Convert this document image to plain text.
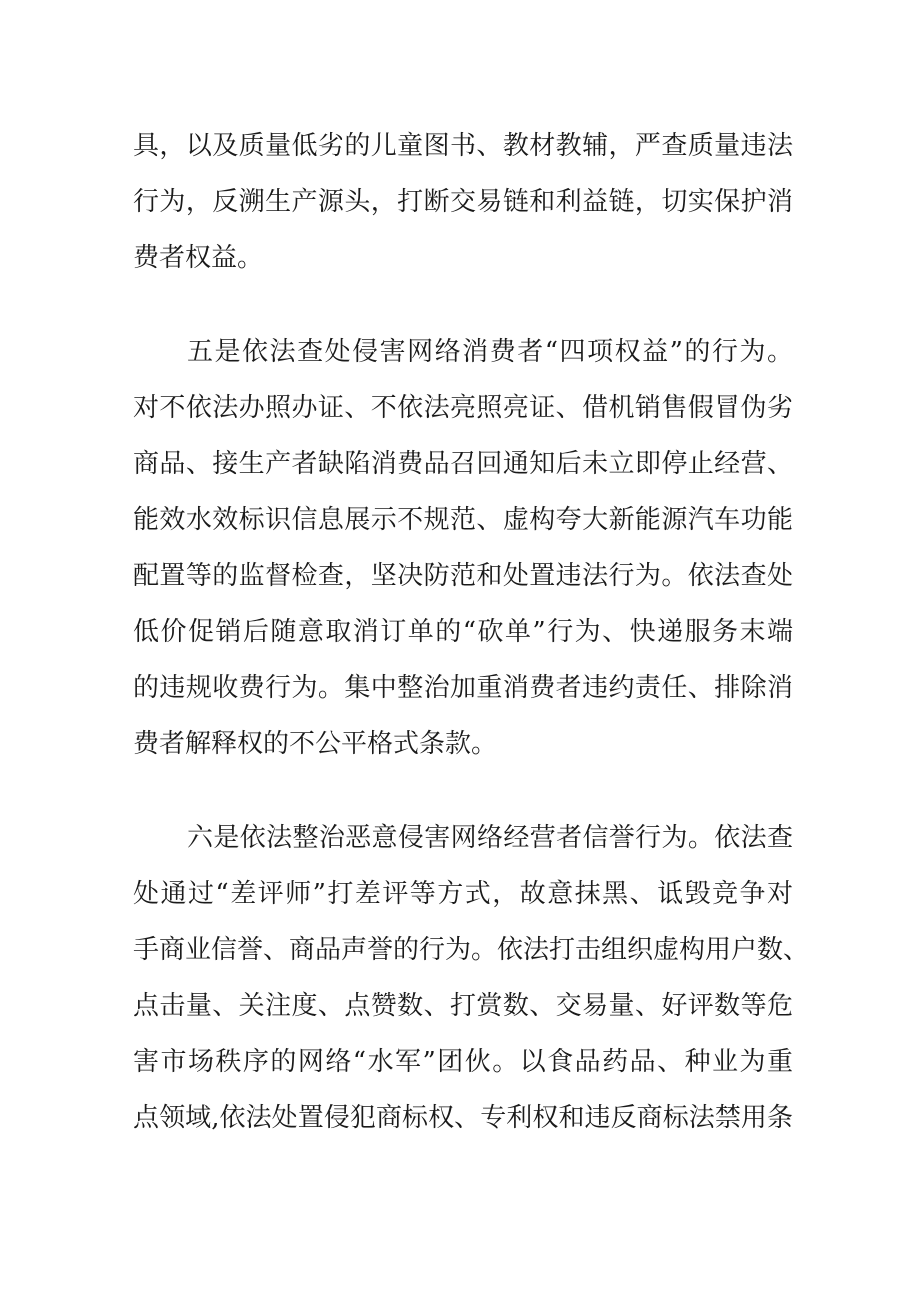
具，以及质量低劣的儿童图书、教材教辅，严查质量违法
行为，反溯生产源头，打断交易链和利益链，切实保护消
费者权益。
五是依法查处侵害网络消费者“四项权益”的行为。
对不依法办照办证、不依法亮照亮证、借机销售假冒伪劣
商品、接生产者缺陷消费品召回通知后未立即停止经营、
能效水效标识信息展示不规范、虚构夸大新能源汽车功能
配置等的监督检查，坚决防范和处置违法行为。依法查处
低价促销后随意取消订单的“砍单”行为、快递服务末端
的违规收费行为。集中整治加重消费者违约责任、排除消
费者解释权的不公平格式条款。
六是依法整治恶意侵害网络经营者信誉行为。依法查
处通过“差评师”打差评等方式，故意抹黑、诋毁竞争对
手商业信誉、商品声誉的行为。依法打击组织虚构用户数、
点击量、关注度、点赞数、打赏数、交易量、好评数等危
害市场秩序的网络“水军”团伙。以食品药品、种业为重
点领域,依法处置侵犯商标权、专利权和违反商标法禁用条
